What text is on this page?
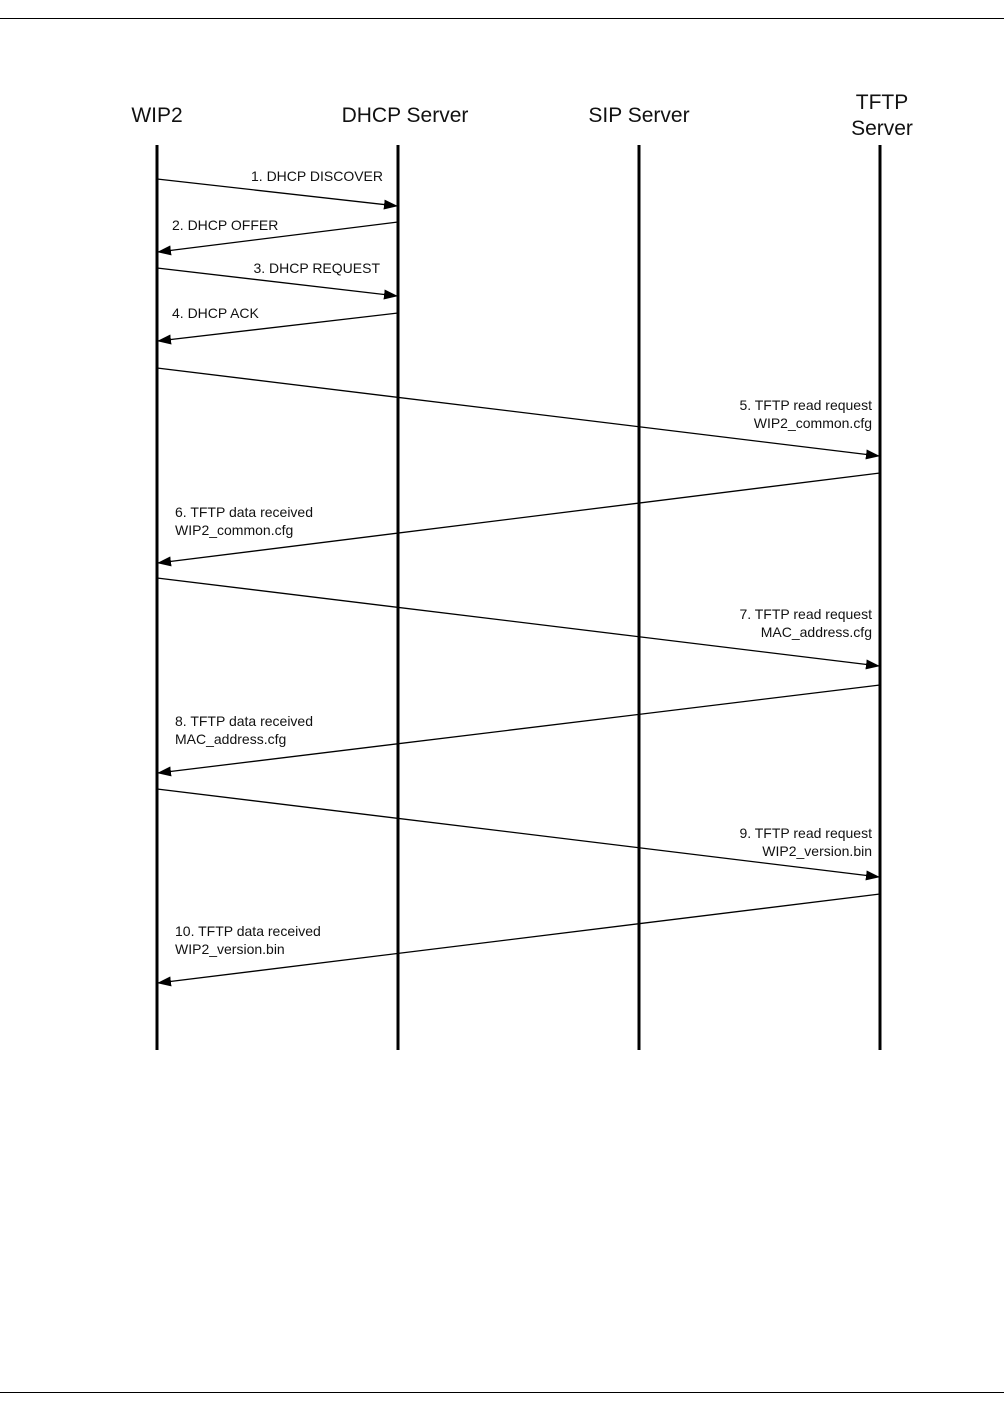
WIP2	DHCP Server	SIP Server
TFTP
Server
1. DHCP DISCOVER
2. DHCP OFFER
3. DHCP REQUEST
4. DHCP ACK
5. TFTP read request
WIP2_common.cfg
6. TFTP data received
WIP2_common.cfg
7. TFTP read request
MAC_address.cfg
8. TFTP data received
MAC_address.cfg
9. TFTP read request
WIP2_version.bin
10. TFTP data received
WIP2_version.bin
